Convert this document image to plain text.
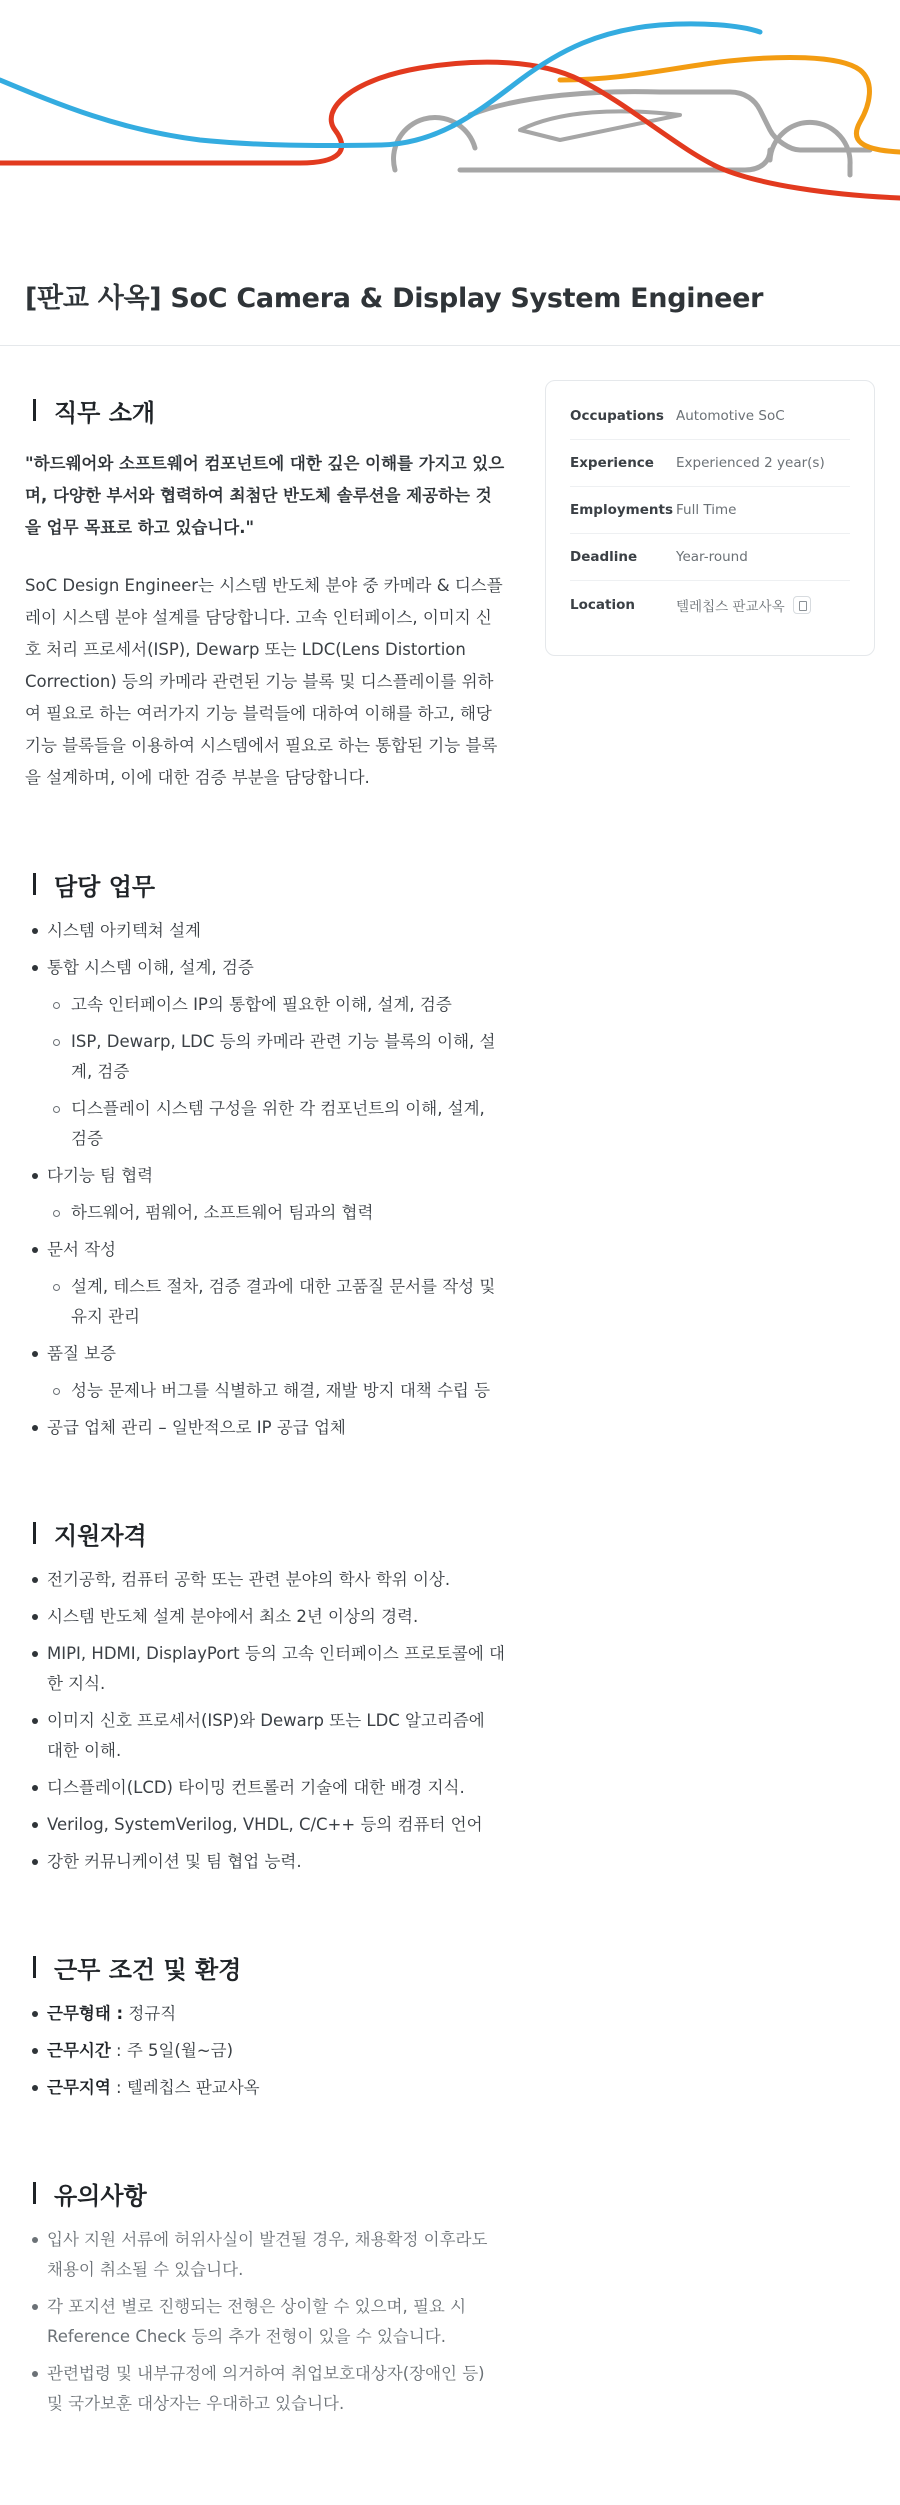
[판교 사옥] SoC Camera & Display System Engineer
Occupations Automotive SoC
Experience	Experienced 2 year(s)
Employments Full Time
Deadline	Year-round
Location	텔레칩스 판교사옥
직무 소개

"하드웨어와 소프트웨어 컴포넌트에 대한 깊은 이해를 가지고 있으며, 다양한 부서와 협력하여 최첨단 반도체 솔루션을 제공하는 것을 업무 목표로 하고 있습니다."

SoC Design Engineer는 시스템 반도체 분야 중 카메라 & 디스플레이 시스템 분야 설계를 담당합니다. 고속 인터페이스, 이미지 신호 처리 프로세서(ISP), Dewarp 또는 LDC(Lens Distortion Correction) 등의 카메라 관련된 기능 블록 및 디스플레이를 위하여 필요로 하는 여러가지 기능 블럭들에 대하여 이해를 하고, 해당 기능 블록들을 이용하여 시스템에서 필요로 하는 통합된 기능 블록을 설계하며, 이에 대한 검증 부분을 담당합니다.

담당 업무
시스템 아키텍쳐 설계
통합 시스템 이해, 설계, 검증
고속 인터페이스 IP의 통합에 필요한 이해, 설계, 검증
ISP, Dewarp, LDC 등의 카메라 관련 기능 블록의 이해, 설계, 검증
디스플레이 시스템 구성을 위한 각 컴포넌트의 이해, 설계, 검증
다기능 팀 협력
하드웨어, 펌웨어, 소프트웨어 팀과의 협력
문서 작성
설계, 테스트 절차, 검증 결과에 대한 고품질 문서를 작성 및 유지 관리
품질 보증
성능 문제나 버그를 식별하고 해결, 재발 방지 대책 수립 등
공급 업체 관리 – 일반적으로 IP 공급 업체
지원자격
전기공학, 컴퓨터 공학 또는 관련 분야의 학사 학위 이상.
시스템 반도체 설계 분야에서 최소 2년 이상의 경력.
MIPI, HDMI, DisplayPort 등의 고속 인터페이스 프로토콜에 대한 지식.
이미지 신호 프로세서(ISP)와 Dewarp 또는 LDC 알고리즘에 대한 이해.
디스플레이(LCD) 타이밍 컨트롤러 기술에 대한 배경 지식.
Verilog, SystemVerilog, VHDL, C/C++ 등의 컴퓨터 언어
강한 커뮤니케이션 및 팀 협업 능력.
근무 조건 및 환경
근무형태 : 정규직
근무시간 : 주 5일(월~금)
근무지역 : 텔레칩스 판교사옥
유의사항
입사 지원 서류에 허위사실이 발견될 경우, 채용확정 이후라도 채용이 취소될 수 있습니다.
각 포지션 별로 진행되는 전형은 상이할 수 있으며, 필요 시 Reference Check 등의 추가 전형이 있을 수 있습니다.
관련법령 및 내부규정에 의거하여 취업보호대상자(장애인 등) 및 국가보훈 대상자는 우대하고 있습니다.
